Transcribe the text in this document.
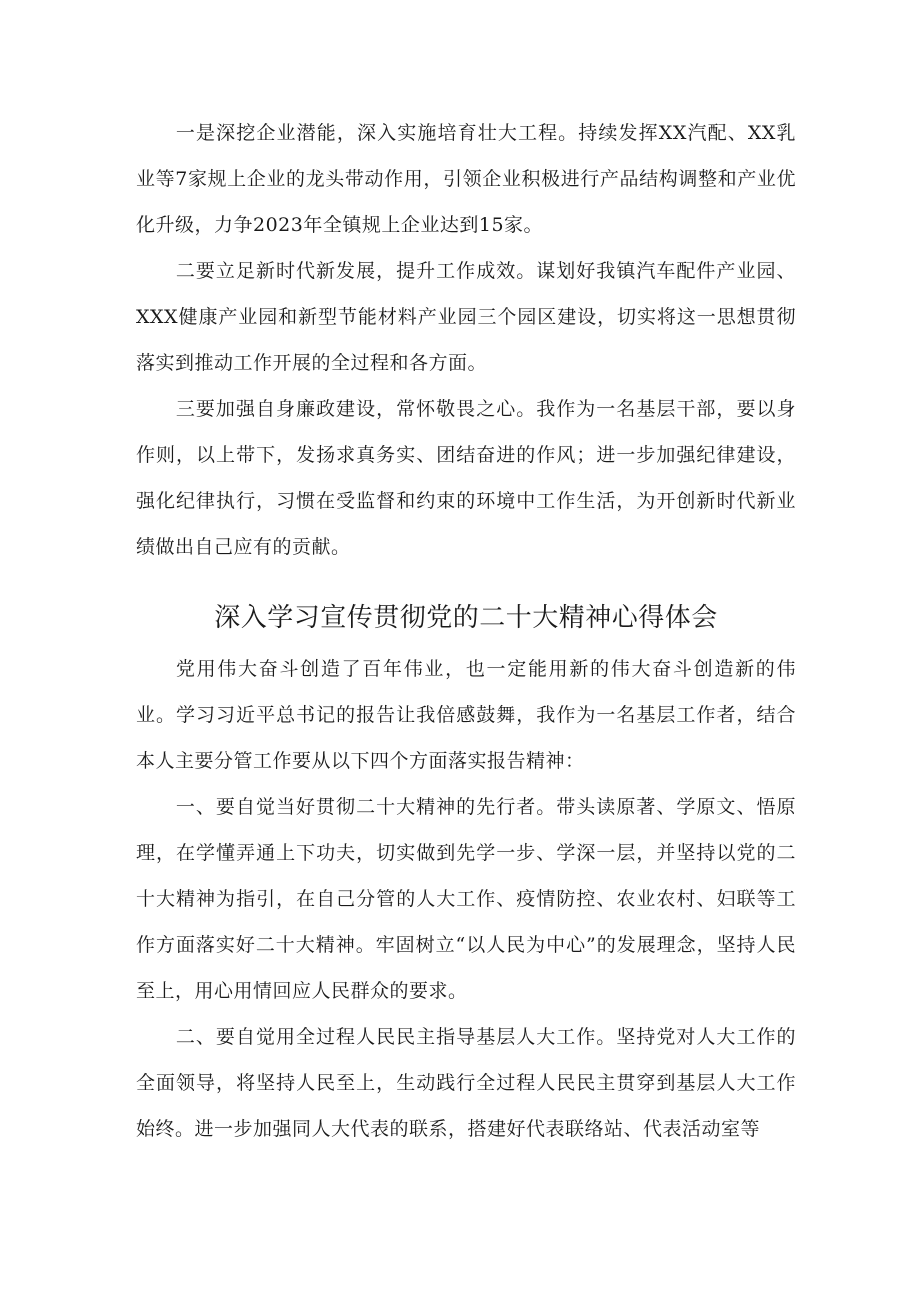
一是深挖企业潜能，深入实施培育壮大工程。持续发挥XX汽配、XX乳业等7家规上企业的龙头带动作用，引领企业积极进行产品结构调整和产业优化升级，力争2023年全镇规上企业达到15家。

二要立足新时代新发展，提升工作成效。谋划好我镇汽车配件产业园、XXX健康产业园和新型节能材料产业园三个园区建设，切实将这一思想贯彻落实到推动工作开展的全过程和各方面。

三要加强自身廉政建设，常怀敬畏之心。我作为一名基层干部，要以身作则，以上带下，发扬求真务实、团结奋进的作风；进一步加强纪律建设，强化纪律执行，习惯在受监督和约束的环境中工作生活，为开创新时代新业绩做出自己应有的贡献。

深入学习宣传贯彻党的二十大精神心得体会

党用伟大奋斗创造了百年伟业，也一定能用新的伟大奋斗创造新的伟业。学习习近平总书记的报告让我倍感鼓舞，我作为一名基层工作者，结合本人主要分管工作要从以下四个方面落实报告精神：

一、要自觉当好贯彻二十大精神的先行者。带头读原著、学原文、悟原理，在学懂弄通上下功夫，切实做到先学一步、学深一层，并坚持以党的二十大精神为指引，在自己分管的人大工作、疫情防控、农业农村、妇联等工作方面落实好二十大精神。牢固树立“以人民为中心”的发展理念，坚持人民至上，用心用情回应人民群众的要求。

二、要自觉用全过程人民民主指导基层人大工作。坚持党对人大工作的全面领导，将坚持人民至上，生动践行全过程人民民主贯穿到基层人大工作始终。进一步加强同人大代表的联系，搭建好代表联络站、代表活动室等
